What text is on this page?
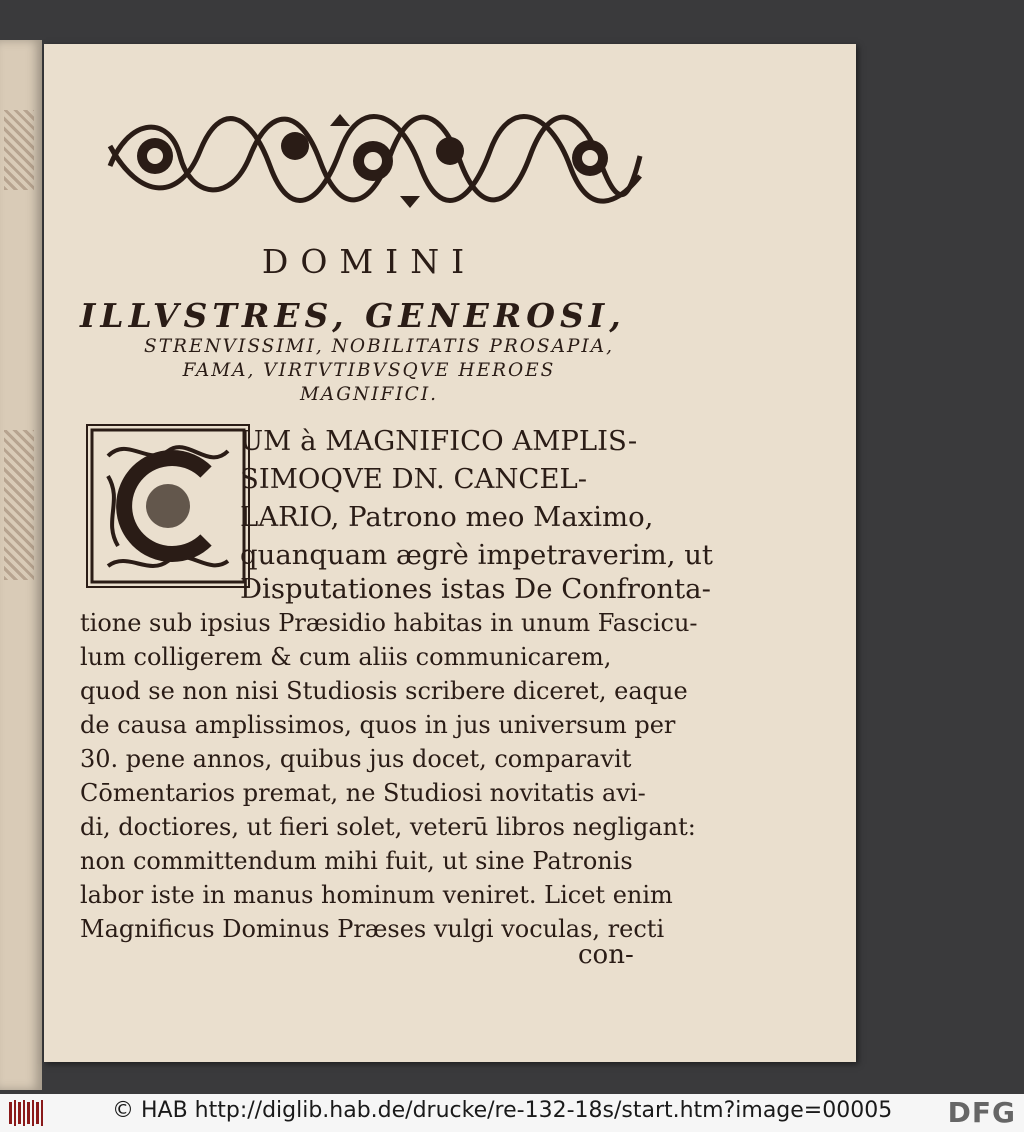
DOMINI
ILLVSTRES, GENEROSI,
STRENVISSIMI, NOBILITATIS PROSAPIA,
FAMA, VIRTVTIBVSQVE HEROES
MAGNIFICI.
UM à MAGNIFICO AMPLIS-
SIMOQVE DN. CANCEL-
LARIO, Patrono meo Maximo,
quanquam ægrè impetraverim, ut
Disputationes istas De Confronta-
tione sub ipsius Præsidio habitas in unum Fascicu-
lum colligerem & cum aliis communicarem,
quod se non nisi Studiosis scribere diceret, eaque
de causa amplissimos, quos in jus universum per
30. pene annos, quibus jus docet, comparavit
Cōmentarios premat, ne Studiosi novitatis avi-
di, doctiores, ut fieri solet, veterū libros negligant:
non committendum mihi fuit, ut sine Patronis
labor iste in manus hominum veniret. Licet enim
Magnificus Dominus Præses vulgi voculas, recti
con-
© HAB http://diglib.hab.de/drucke/re-132-18s/start.htm?image=00005 DFG
